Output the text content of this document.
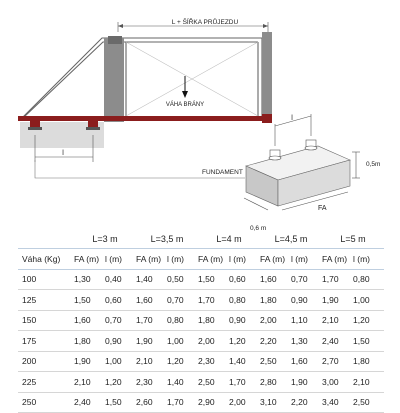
L + ŠÍŘKA PRŮJEZDU
VÁHA BRÁNY
l
FUNDAMENT
l
0,5m
0,6 m
FA
	L=3 m		L=3,5 m		L=4 m		L=4,5 m		L=5 m	
Váha (Kg)	FA (m)	l (m)	FA (m)	l (m)	FA (m)	l (m)	FA (m)	l (m)	FA (m)	l (m)
100	1,30	0,40	1,40	0,50	1,50	0,60	1,60	0,70	1,70	0,80
125	1,50	0,60	1,60	0,70	1,70	0,80	1,80	0,90	1,90	1,00
150	1,60	0,70	1,70	0,80	1,80	0,90	2,00	1,10	2,10	1,20
175	1,80	0,90	1,90	1,00	2,00	1,20	2,20	1,30	2,40	1,50
200	1,90	1,00	2,10	1,20	2,30	1,40	2,50	1,60	2,70	1,80
225	2,10	1,20	2,30	1,40	2,50	1,70	2,80	1,90	3,00	2,10
250	2,40	1,50	2,60	1,70	2,90	2,00	3,10	2,20	3,40	2,50
